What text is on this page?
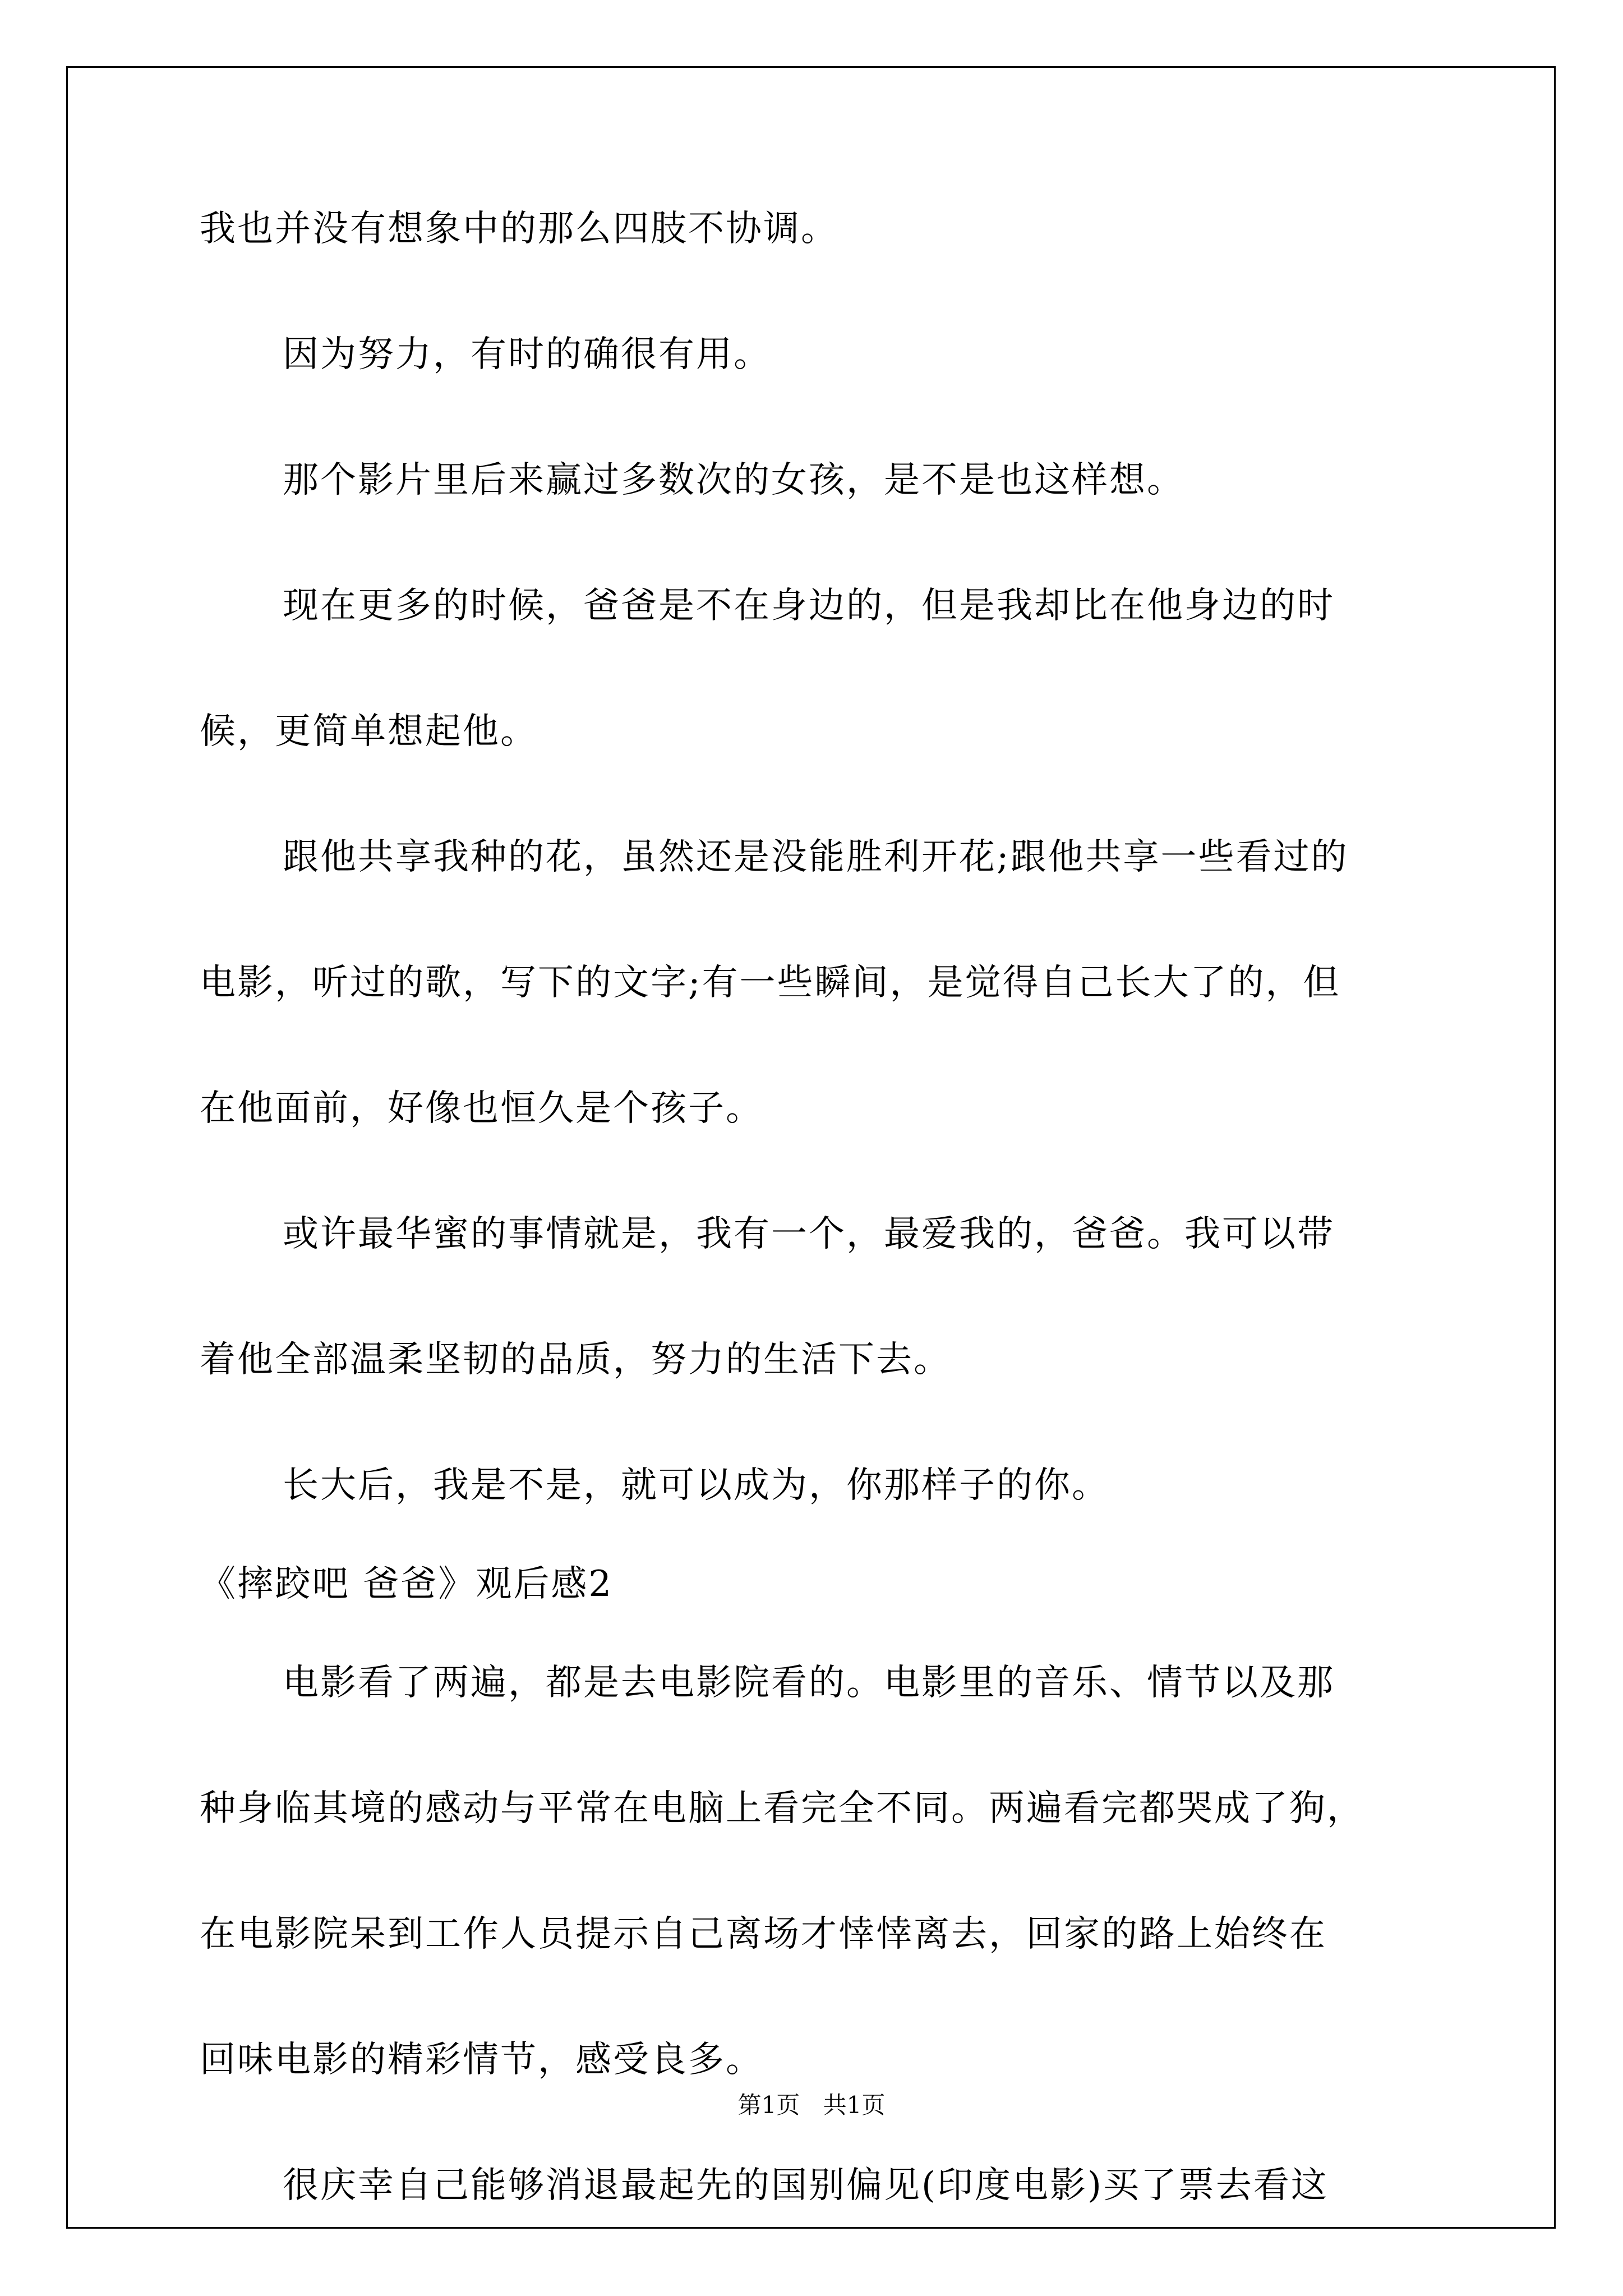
我也并没有想象中的那么四肢不协调。
因为努力，有时的确很有用。
那个影片里后来赢过多数次的女孩，是不是也这样想。
现在更多的时候，爸爸是不在身边的，但是我却比在他身边的时
候，更简单想起他。
跟他共享我种的花，虽然还是没能胜利开花;跟他共享一些看过的
电影，听过的歌，写下的文字;有一些瞬间，是觉得自己长大了的，但
在他面前，好像也恒久是个孩子。
或许最华蜜的事情就是，我有一个，最爱我的，爸爸。我可以带
着他全部温柔坚韧的品质，努力的生活下去。
长大后，我是不是，就可以成为，你那样子的你。
《摔跤吧 爸爸》观后感2
电影看了两遍，都是去电影院看的。电影里的音乐、情节以及那
种身临其境的感动与平常在电脑上看完全不同。两遍看完都哭成了狗，
在电影院呆到工作人员提示自己离场才悻悻离去，回家的路上始终在
回味电影的精彩情节，感受良多。
很庆幸自己能够消退最起先的国别偏见(印度电影)买了票去看这
第1页 共1页
